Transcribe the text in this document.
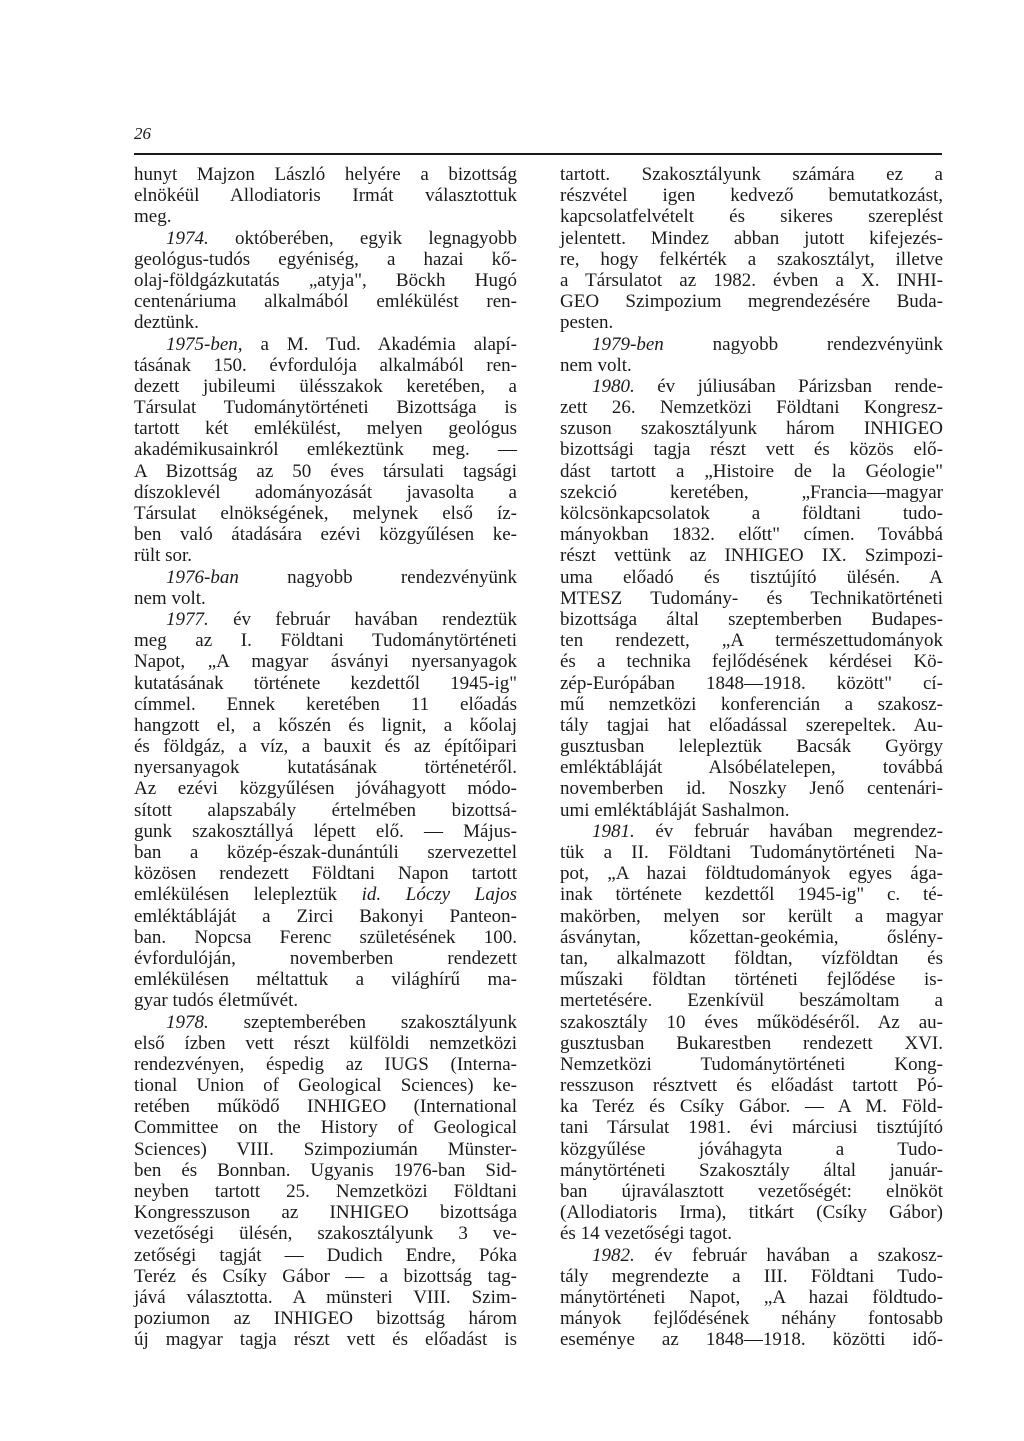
26
hunyt Majzon László helyére a bizottság
elnökéül Allodiatoris Irmát választottuk
meg.
1974. októberében, egyik legnagyobb
geológus-tudós egyéniség, a hazai kő-
olaj-földgázkutatás „atyja", Böckh Hugó
centenáriuma alkalmából emlékülést ren-
deztünk.
1975-ben, a M. Tud. Akadémia alapí-
tásának 150. évfordulója alkalmából ren-
dezett jubileumi ülésszakok keretében, a
Társulat Tudománytörténeti Bizottsága is
tartott két emlékülést, melyen geológus
akadémikusainkról emlékeztünk meg. —
A Bizottság az 50 éves társulati tagsági
díszoklevél adományozását javasolta a
Társulat elnökségének, melynek első íz-
ben való átadására ezévi közgyűlésen ke-
rült sor.
1976-ban nagyobb rendezvényünk
nem volt.
1977. év február havában rendeztük
meg az I. Földtani Tudománytörténeti
Napot, „A magyar ásványi nyersanyagok
kutatásának története kezdettől 1945-ig"
címmel. Ennek keretében 11 előadás
hangzott el, a kőszén és lignit, a kőolaj
és földgáz, a víz, a bauxit és az építőipari
nyersanyagok kutatásának történetéről.
Az ezévi közgyűlésen jóváhagyott módo-
sított alapszabály értelmében bizottsá-
gunk szakosztállyá lépett elő. — Május-
ban a közép-észak-dunántúli szervezettel
közösen rendezett Földtani Napon tartott
emlékülésen lelepleztük id. Lóczy Lajos
emléktábláját a Zirci Bakonyi Panteon-
ban. Nopcsa Ferenc születésének 100.
évfordulóján, novemberben rendezett
emlékülésen méltattuk a világhírű ma-
gyar tudós életművét.
1978. szeptemberében szakosztályunk
első ízben vett részt külföldi nemzetközi
rendezvényen, éspedig az IUGS (Interna-
tional Union of Geological Sciences) ke-
retében működő INHIGEO (International
Committee on the History of Geological
Sciences) VIII. Szimpoziumán Münster-
ben és Bonnban. Ugyanis 1976-ban Sid-
neyben tartott 25. Nemzetközi Földtani
Kongresszuson az INHIGEO bizottsága
vezetőségi ülésén, szakosztályunk 3 ve-
zetőségi tagját — Dudich Endre, Póka
Teréz és Csíky Gábor — a bizottság tag-
jává választotta. A münsteri VIII. Szim-
poziumon az INHIGEO bizottság három
új magyar tagja részt vett és előadást is
tartott. Szakosztályunk számára ez a
részvétel igen kedvező bemutatkozást,
kapcsolatfelvételt és sikeres szereplést
jelentett. Mindez abban jutott kifejezés-
re, hogy felkérték a szakosztályt, illetve
a Társulatot az 1982. évben a X. INHI-
GEO Szimpozium megrendezésére Buda-
pesten.
1979-ben nagyobb rendezvényünk
nem volt.
1980. év júliusában Párizsban rende-
zett 26. Nemzetközi Földtani Kongresz-
szuson szakosztályunk három INHIGEO
bizottsági tagja részt vett és közös elő-
dást tartott a „Histoire de la Géologie"
szekció keretében, „Francia—magyar
kölcsönkapcsolatok a földtani tudo-
mányokban 1832. előtt" címen. Továbbá
részt vettünk az INHIGEO IX. Szimpozi-
uma előadó és tisztújító ülésén. A
MTESZ Tudomány- és Technikatörténeti
bizottsága által szeptemberben Budapes-
ten rendezett, „A természettudományok
és a technika fejlődésének kérdései Kö-
zép-Európában 1848—1918. között" cí-
mű nemzetközi konferencián a szakosz-
tály tagjai hat előadással szerepeltek. Au-
gusztusban lelepleztük Bacsák György
emléktábláját Alsóbélatelepen, továbbá
novemberben id. Noszky Jenő centenári-
umi emléktábláját Sashalmon.
1981. év február havában megrendez-
tük a II. Földtani Tudománytörténeti Na-
pot, „A hazai földtudományok egyes ága-
inak története kezdettől 1945-ig" c. té-
makörben, melyen sor került a magyar
ásványtan, kőzettan-geokémia, őslény-
tan, alkalmazott földtan, vízföldtan és
műszaki földtan történeti fejlődése is-
mertetésére. Ezenkívül beszámoltam a
szakosztály 10 éves működéséről. Az au-
gusztusban Bukarestben rendezett XVI.
Nemzetközi Tudománytörténeti Kong-
resszuson résztvett és előadást tartott Pó-
ka Teréz és Csíky Gábor. — A M. Föld-
tani Társulat 1981. évi márciusi tisztújító
közgyűlése jóváhagyta a Tudo-
mánytörténeti Szakosztály által január-
ban újraválasztott vezetőségét: elnököt
(Allodiatoris Irma), titkárt (Csíky Gábor)
és 14 vezetőségi tagot.
1982. év február havában a szakosz-
tály megrendezte a III. Földtani Tudo-
mánytörténeti Napot, „A hazai földtudo-
mányok fejlődésének néhány fontosabb
eseménye az 1848—1918. közötti idő-
